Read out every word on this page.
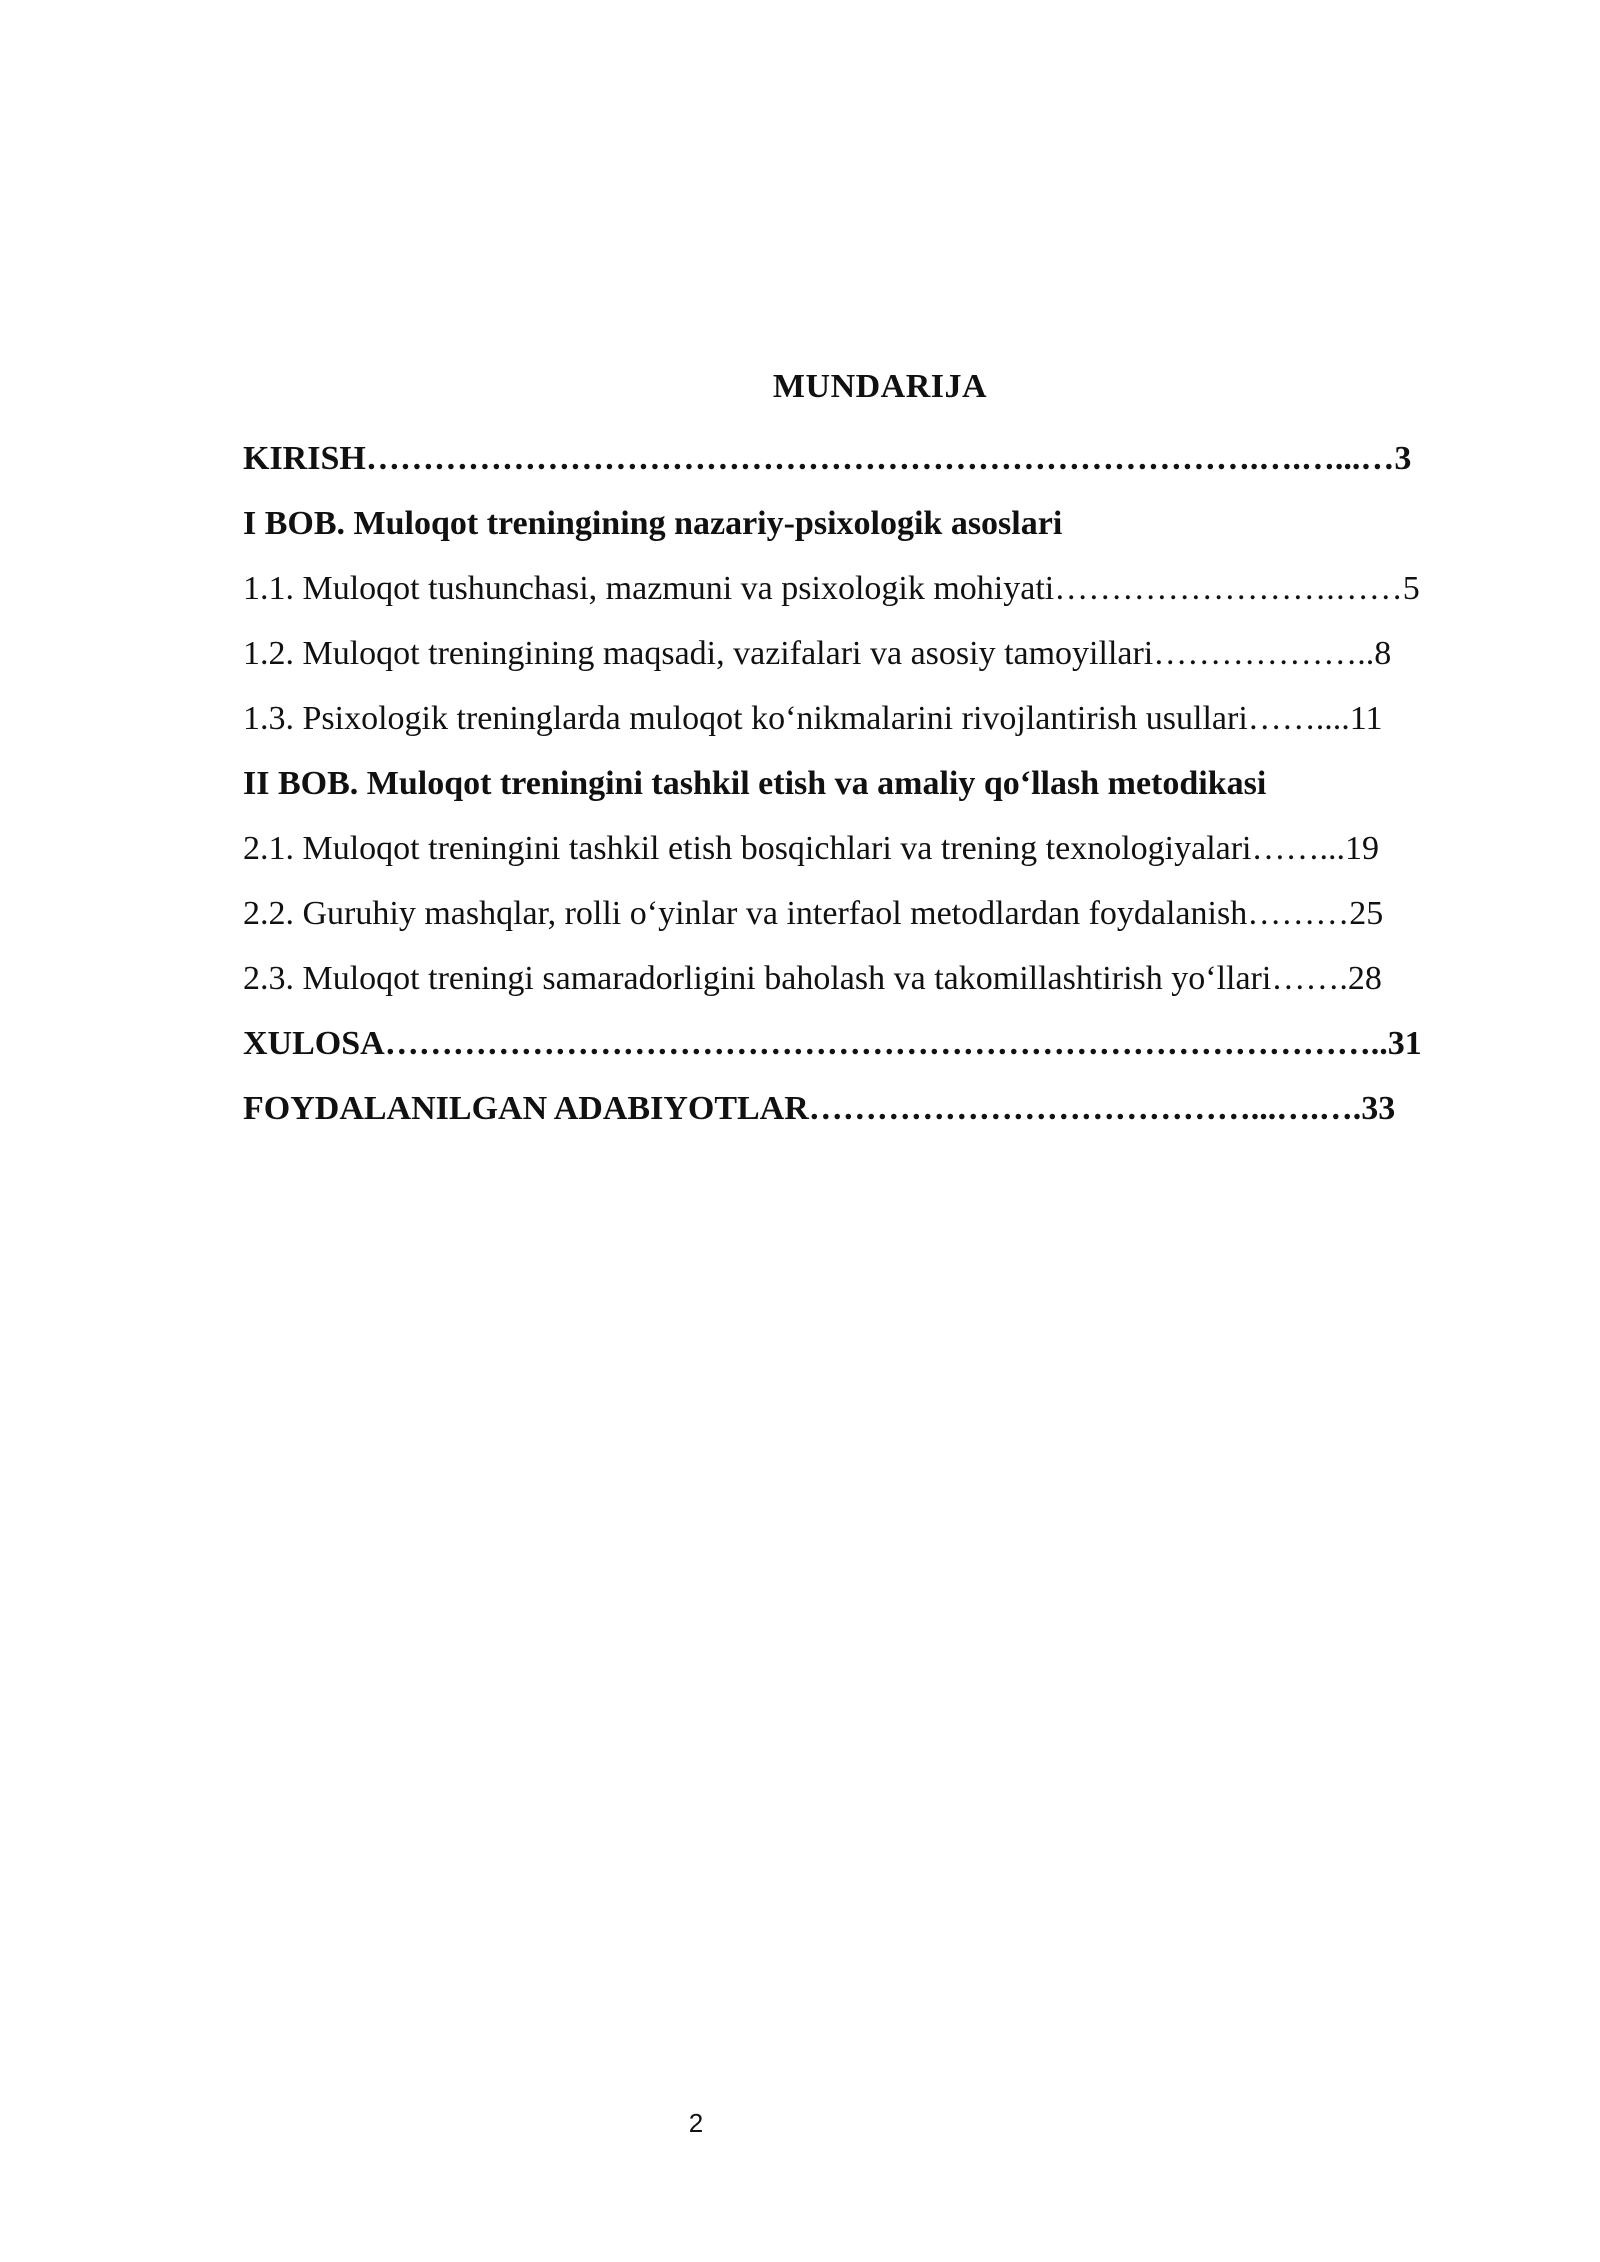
MUNDARIJA
KIRISH…………………………………………………………………….….…...…3
I BOB. Muloqot treningining nazariy-psixologik asoslari
1.1. Muloqot tushunchasi, mazmuni va psixologik mohiyati…………………….……5
1.2. Muloqot treningining maqsadi, vazifalari va asosiy tamoyillari………………..8
1.3. Psixologik treninglarda muloqot ko‘nikmalarini rivojlantirish usullari……....11
II BOB. Muloqot treningini tashkil etish va amaliy qo‘llash metodikasi
2.1. Muloqot treningini tashkil etish bosqichlari va trening texnologiyalari……...19
2.2. Guruhiy mashqlar, rolli o‘yinlar va interfaol metodlardan foydalanish………25
2.3. Muloqot treningi samaradorligini baholash va takomillashtirish yo‘llari…….28
XULOSA……………………………………………………………………………..31
FOYDALANILGAN ADABIYOTLAR…………………………………...….….33
2
